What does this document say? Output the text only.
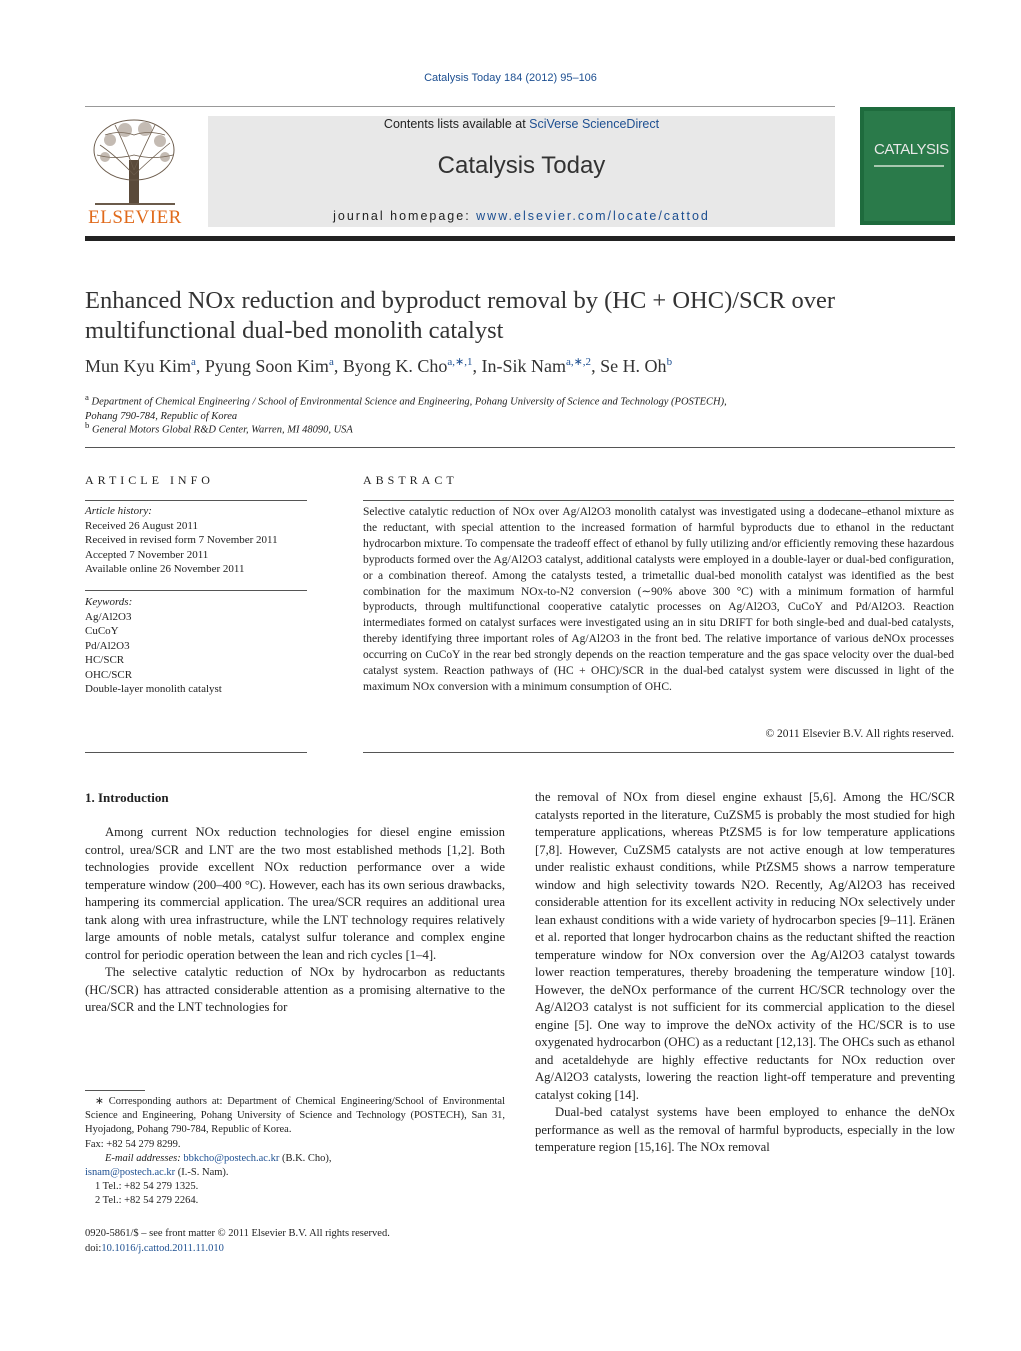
Catalysis Today 184 (2012) 95–106
ELSEVIER
Contents lists available at SciVerse ScienceDirect
Catalysis Today
journal homepage: www.elsevier.com/locate/cattod
CATALYSIS
Enhanced NOx reduction and byproduct removal by (HC + OHC)/SCR over multifunctional dual-bed monolith catalyst
Mun Kyu Kim$^a$, Pyung Soon Kim$^a$, Byong K. Cho$^{a,∗,1}$, In-Sik Nam$^{a,∗,2}$, Se H. Oh$^b$
$^a$ Department of Chemical Engineering / School of Environmental Science and Engineering, Pohang University of Science and Technology (POSTECH),
Pohang 790-784, Republic of Korea
$^b$ General Motors Global R&D Center, Warren, MI 48090, USA
ARTICLE INFO
Article history:
Received 26 August 2011
Received in revised form 7 November 2011
Accepted 7 November 2011
Available online 26 November 2011
Keywords:
Ag/Al2O3
CuCoY
Pd/Al2O3
HC/SCR
OHC/SCR
Double-layer monolith catalyst
ABSTRACT
Selective catalytic reduction of NOx over Ag/Al2O3 monolith catalyst was investigated using a dodecane–ethanol mixture as the reductant, with special attention to the increased formation of harmful byproducts due to ethanol in the reductant hydrocarbon mixture. To compensate the tradeoff effect of ethanol by fully utilizing and/or efficiently removing these hazardous byproducts formed over the Ag/Al2O3 catalyst, additional catalysts were employed in a double-layer or dual-bed configuration, or a combination thereof. Among the catalysts tested, a trimetallic dual-bed monolith catalyst was identified as the best combination for the maximum NOx-to-N2 conversion (∼90% above 300 °C) with a minimum formation of harmful byproducts, through multifunctional cooperative catalytic processes on Ag/Al2O3, CuCoY and Pd/Al2O3. Reaction intermediates formed on catalyst surfaces were investigated using an in situ DRIFT for both single-bed and dual-bed catalysts, thereby identifying three important roles of Ag/Al2O3 in the front bed. The relative importance of various deNOx processes occurring on CuCoY in the rear bed strongly depends on the reaction temperature and the gas space velocity over the dual-bed catalyst system. Reaction pathways of (HC + OHC)/SCR in the dual-bed catalyst system were discussed in light of the maximum NOx conversion with a minimum consumption of OHC.
© 2011 Elsevier B.V. All rights reserved.
1. Introduction

Among current NOx reduction technologies for diesel engine emission control, urea/SCR and LNT are the two most established methods [1,2]. Both technologies provide excellent NOx reduction performance over a wide temperature window (200–400 °C). However, each has its own serious drawbacks, hampering its commercial application. The urea/SCR requires an additional urea tank along with urea infrastructure, while the LNT technology requires relatively large amounts of noble metals, catalyst sulfur tolerance and complex engine control for periodic operation between the lean and rich cycles [1–4].

The selective catalytic reduction of NOx by hydrocarbon as reductants (HC/SCR) has attracted considerable attention as a promising alternative to the urea/SCR and the LNT technologies for

the removal of NOx from diesel engine exhaust [5,6]. Among the HC/SCR catalysts reported in the literature, CuZSM5 is probably the most studied for high temperature applications, whereas PtZSM5 is for low temperature applications [7,8]. However, CuZSM5 catalysts are not active enough at low temperatures under realistic exhaust conditions, while PtZSM5 shows a narrow temperature window and high selectivity towards N2O. Recently, Ag/Al2O3 has received considerable attention for its excellent activity in reducing NOx selectively under lean exhaust conditions with a wide variety of hydrocarbon species [9–11]. Eränen et al. reported that longer hydrocarbon chains as the reductant shifted the reaction temperature window for NOx conversion over the Ag/Al2O3 catalyst towards lower reaction temperatures, thereby broadening the temperature window [10]. However, the deNOx performance of the current HC/SCR technology over the Ag/Al2O3 catalyst is not sufficient for its commercial application to the diesel engine [5]. One way to improve the deNOx activity of the HC/SCR is to use oxygenated hydrocarbon (OHC) as a reductant [12,13]. The OHCs such as ethanol and acetaldehyde are highly effective reductants for NOx reduction over Ag/Al2O3 catalysts, lowering the reaction light-off temperature and preventing catalyst coking [14].

Dual-bed catalyst systems have been employed to enhance the deNOx performance as well as the removal of harmful byproducts, especially in the low temperature region [15,16]. The NOx removal

∗ Corresponding authors at: Department of Chemical Engineering/School of Environmental Science and Engineering, Pohang University of Science and Technology (POSTECH), San 31, Hyojadong, Pohang 790-784, Republic of Korea.
Fax: +82 54 279 8299.
E-mail addresses: bbkcho@postech.ac.kr (B.K. Cho),
isnam@postech.ac.kr (I.-S. Nam).
1 Tel.: +82 54 279 1325.
2 Tel.: +82 54 279 2264.
0920-5861/$ – see front matter © 2011 Elsevier B.V. All rights reserved.
doi:10.1016/j.cattod.2011.11.010
